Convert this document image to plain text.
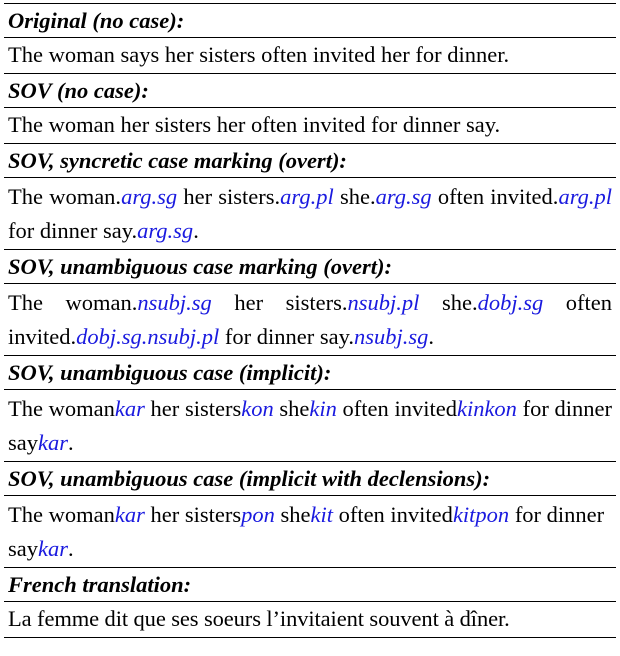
Original (no case):
The woman says her sisters often invited her for dinner.
SOV (no case):
The woman her sisters her often invited for dinner say.
SOV, syncretic case marking (overt):
The woman.arg.sg her sisters.arg.pl she.arg.sg often invited.arg.pl for dinner say.arg.sg.
SOV, unambiguous case marking (overt):
The woman.nsubj.sg her sisters.nsubj.pl she.dobj.sg often invited.dobj.sg.nsubj.pl for dinner say.nsubj.sg.
SOV, unambiguous case (implicit):
The womankar her sisterskon shekin often invitedkinkon for dinner saykar.
SOV, unambiguous case (implicit with declensions):
The womankar her sisterspon shekit often invitedkitpon for dinner saykar.
French translation:
La femme dit que ses soeurs l’invitaient souvent à dîner.
